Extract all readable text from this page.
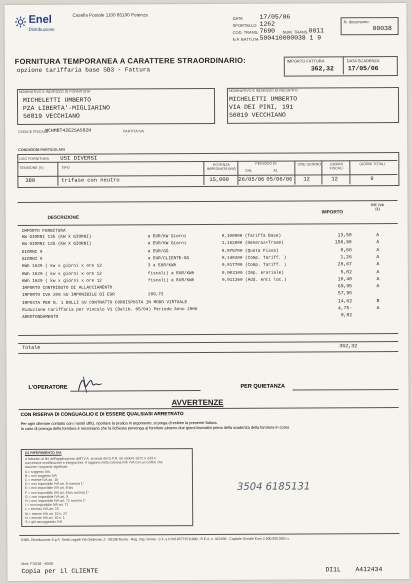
Enel
Distribuzione
Casella Postale 1100 85100 Potenza
DATA	17/05/06
SPORTELLO 1262
COD. TRANS. 7690 NUM. TRANS. 0011
N.P. BATTUTA 500410000038 1 9
N. documento:
00038
FORNITURA TEMPORANEA A CARATTERE STRAORDINARIO:
opzione tariffaria base SB3 - Fattura
IMPORTO FATTURA
362,32
DATA SCADENZA
17/05/06
NOMINATIVO E INDIRIZZO DI FORNITURA
MICHELETTI UMBERTO
PZA LIBERTA'-MIGLIARINO
56019 VECCHIANO
NOMINATIVO E INDIRIZZO DI RECAPITO
MICHELETTI UMBERTO
VIA DEI PINI, 191
56019 VECCHIANO
CODICE FISCALE
MCHMBT42E25A562H	PARTITA IVA
CONDIZIONI PARTICOLARI
USO FORNITURA USI DIVERSI
TENSIONE (V)	TIPO
POTENZA IMPEGNATA (kW)
PERIODO DI
DAL	AL
ORE GIORNO	GIORNI FISCALI
GIORNI TOTALI
380	trifase con neutro	15,000 26/05/06 05/06/06 12	12	9
DESCRIZIONE
IMPORTO
RIF. IVA (1)
IMPORTO FORNITURA
KW GIORNI 135 (KW X GIORNI)	a EUR/KW Giorni	0,100000 (Tariffa Base)	13,50	A
KW GIORNI 135 (KW X GIORNI)	a EUR/KW Giorni	1,162800 (Generaz+Trasm)	156,98	A
GIORNI 9	a EUR/GG	0,075700 (Quota Fissa)	0,68	A
GIORNI 9	a EUR/CLIENTE-GG	0,140200 (Comp. Tariff. )	1,26	A
KWh 1620 ( kw x giorni x ore 12	3 a EUR/KWh	0,017700 (Comp. Tariff. )	28,67	A
KWh 1620 ( kw x giorni x ore 12	fiscali) a EUR/KWh	0,003100 (Imp. erariale)	5,02	A
KWh 1620 ( kw x giorni x ore 12	fiscali) a EUR/KWh	0,011360 (Add. enti loc.)	18,40	A
IMPORTO CONTRIBUTO DI ALLACCIAMENTO	69,95	A
IMPORTO IVA 20% SU IMPONIBILE DI EUR	289,73	57,95
IMPOSTA PER N. 1 BOLLI SU CONTRATTO CORRISPOSTA IN MODO VIRTUALE	14,62	B
Riduzione tariffaria per Vincolo V1 (Delib. 05/04) Periodo Anno 2006	4,75-	A
ARROTONDAMENTO	0,02
Totale	362,32
L'OPERATORE	PER QUIETANZA
AVVERTENZE
CON RISERVA DI CONGUAGLIO E DI ESSERE QUALSIASI ARRETRATO
Per ogni ulteriore contatto con i nostri uffici, riportare la pratica in argomento, si prega di esibire la presente fattura.
In caso di proroga della fornitura è necessario che la richiesta pervenga al fornitore almeno due giorni lavorativi prima della scadenza della fornitura in corso.
(1) RIFERIMENTO IVA
A fatturato ai fini dell'applicazione dell'I.V.A. ai sensi del D.P.R. 26 ottobre 1972 n. 633 e
successive modificazioni e integrazioni. A rapporto nella colonna RIF. IVA con un codice che
assume i seguenti significati:
A = soggetto IVA
B = non soggetto IVA
C = esente IVA art. 10
D = non imponibile IVA art. 8 comma 1°
E = non imponibile IVA art. 8 bis
F = non imponibile IVA art. 8 bis comma 1°
G = non imponibile IVA art. 9
H = non imponibile IVA art. 72 comma 1°
I = non imponibile IVA art. 71
L = escluso IVA art. 15
M = esente IVA art. 10 n. 27
N = esente IVA art. 10 n. 1
S = già assoggettato IVA
3504 6185131
ENEL Distribuzione S.p.A. Sede Legale Via Ombrone, 2 - 00198 Roma - Reg. Imp. Roma - C.F. e P.IVA 05779711000 - R.E.A. n. 922436 - Capitale Sociale Euro 2.600.000.000 i.v.
Mod. FU038 - 90/05
Copia per il CLIENTE	DI1L A412434
